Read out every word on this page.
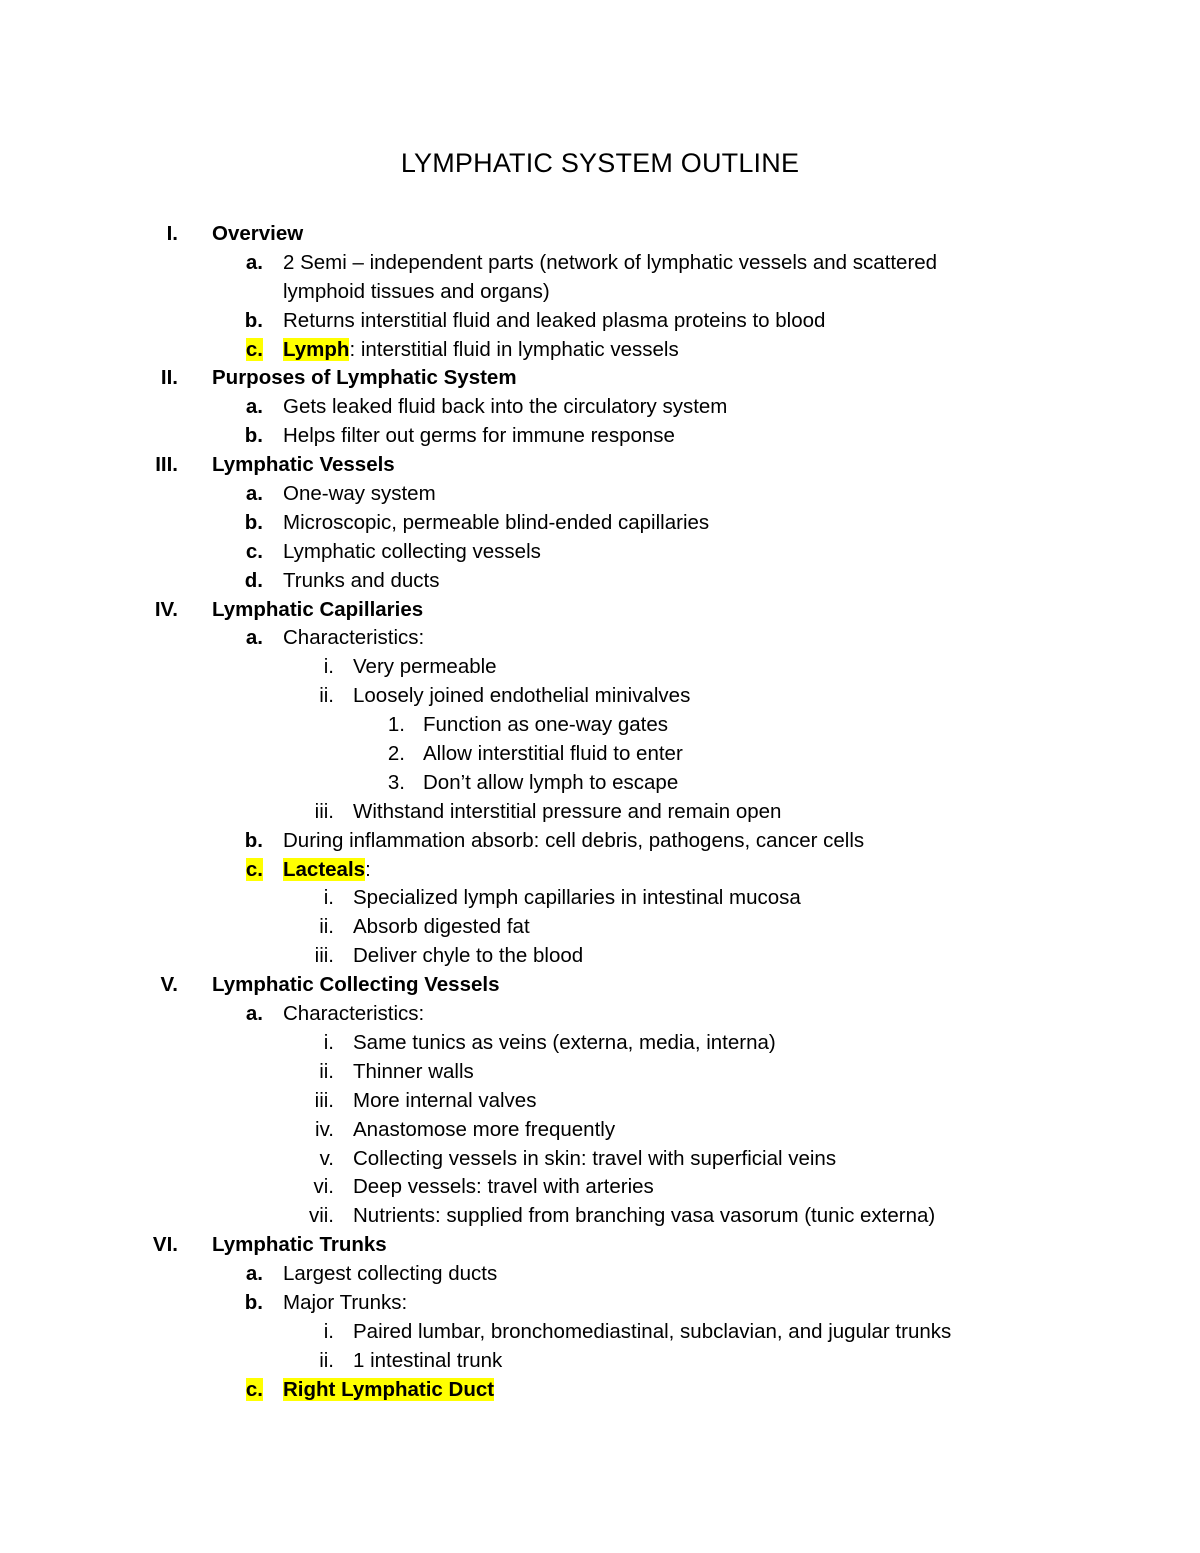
LYMPHATIC SYSTEM OUTLINE
I. Overview
a. 2 Semi – independent parts (network of lymphatic vessels and scattered
lymphoid tissues and organs)
b. Returns interstitial fluid and leaked plasma proteins to blood
c. Lymph: interstitial fluid in lymphatic vessels
II. Purposes of Lymphatic System
a. Gets leaked fluid back into the circulatory system
b. Helps filter out germs for immune response
III. Lymphatic Vessels
a. One-way system
b. Microscopic, permeable blind-ended capillaries
c. Lymphatic collecting vessels
d. Trunks and ducts
IV. Lymphatic Capillaries
a. Characteristics:
i. Very permeable
ii. Loosely joined endothelial minivalves
1. Function as one-way gates
2. Allow interstitial fluid to enter
3. Don’t allow lymph to escape
iii. Withstand interstitial pressure and remain open
b. During inflammation absorb: cell debris, pathogens, cancer cells
c. Lacteals:
i. Specialized lymph capillaries in intestinal mucosa
ii. Absorb digested fat
iii. Deliver chyle to the blood
V. Lymphatic Collecting Vessels
a. Characteristics:
i. Same tunics as veins (externa, media, interna)
ii. Thinner walls
iii. More internal valves
iv. Anastomose more frequently
v. Collecting vessels in skin: travel with superficial veins
vi. Deep vessels: travel with arteries
vii. Nutrients: supplied from branching vasa vasorum (tunic externa)
VI. Lymphatic Trunks
a. Largest collecting ducts
b. Major Trunks:
i. Paired lumbar, bronchomediastinal, subclavian, and jugular trunks
ii. 1 intestinal trunk
c. Right Lymphatic Duct
